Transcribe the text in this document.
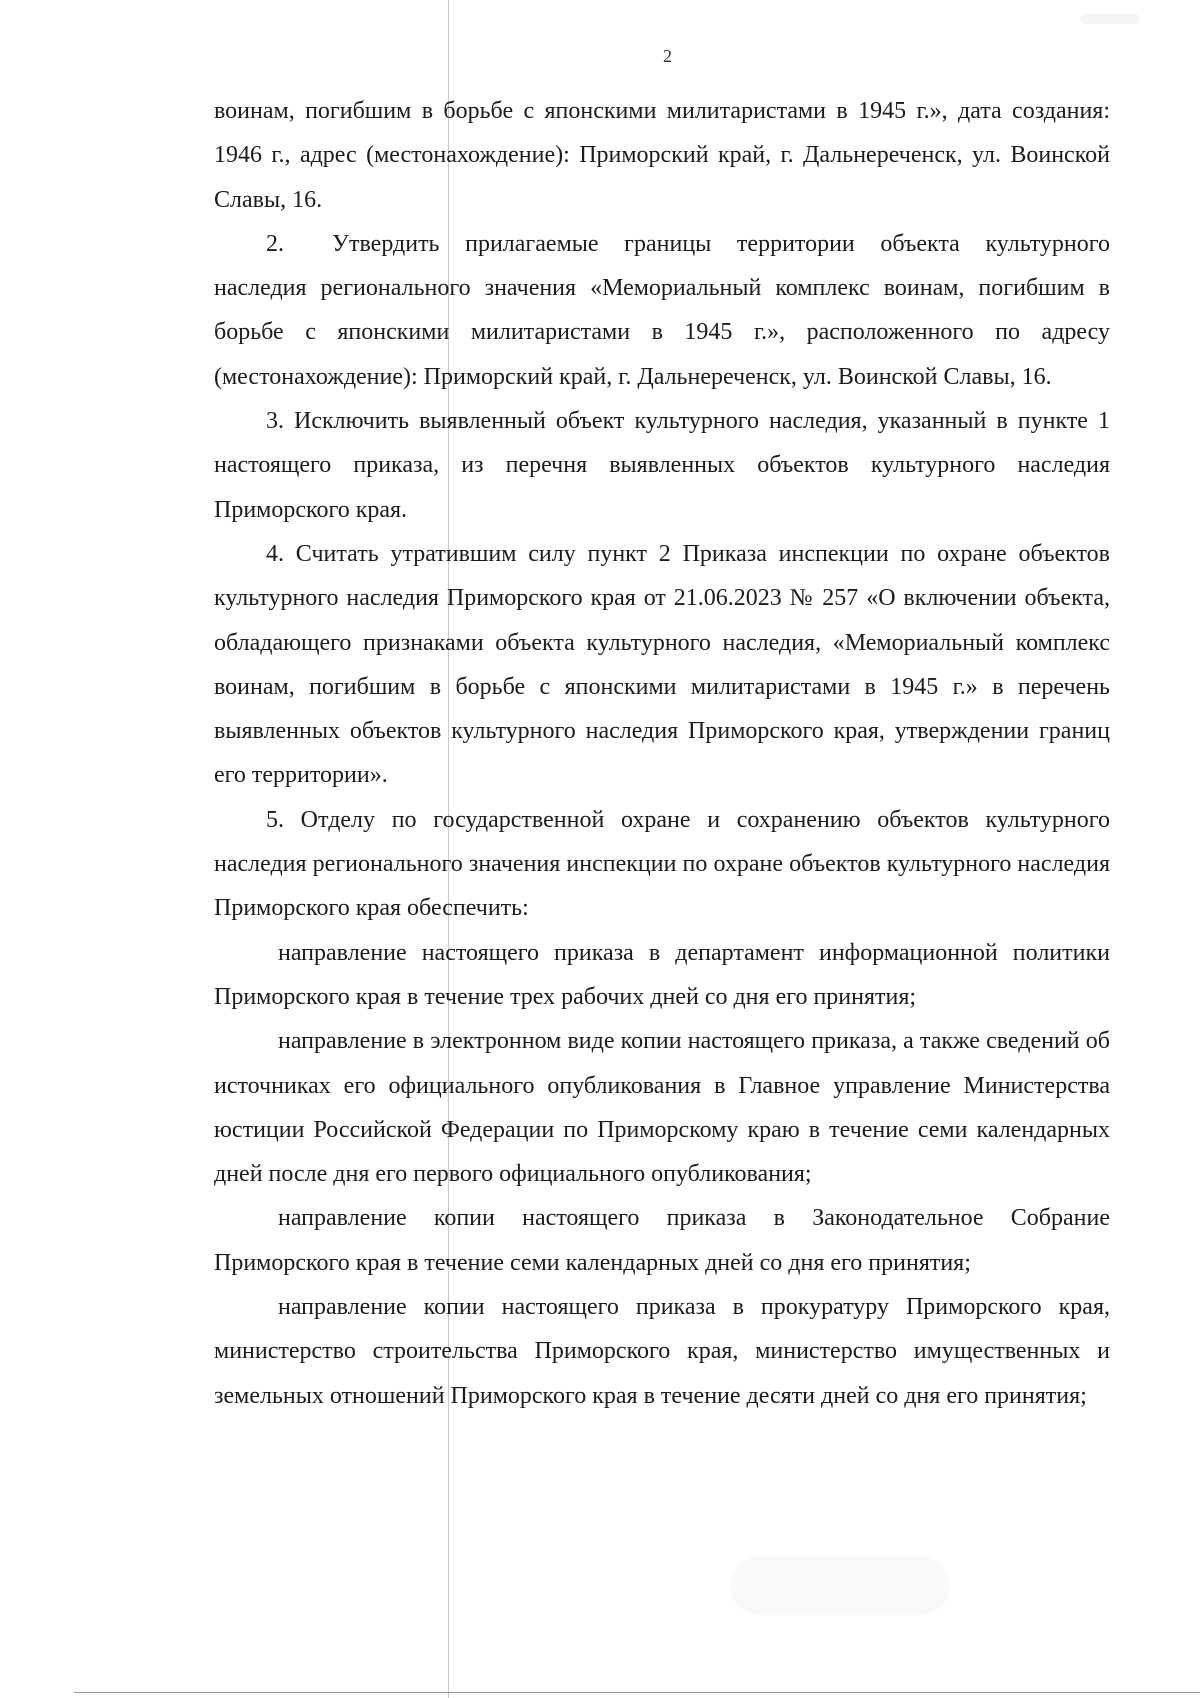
2

воинам, погибшим в борьбе с японскими милитаристами в 1945 г.», дата создания: 1946 г., адрес (местонахождение): Приморский край, г. Дальнереченск, ул. Воинской Славы, 16.

2.  Утвердить прилагаемые границы территории объекта культурного наследия регионального значения «Мемориальный комплекс воинам, погибшим в борьбе с японскими милитаристами в 1945 г.», расположенного по адресу (местонахождение): Приморский край, г. Дальнереченск, ул. Воинской Славы, 16.

3. Исключить выявленный объект культурного наследия, указанный в пункте 1 настоящего приказа, из перечня выявленных объектов культурного наследия Приморского края.

4. Считать утратившим силу пункт 2 Приказа инспекции по охране объектов культурного наследия Приморского края от 21.06.2023 № 257 «О включении объекта, обладающего признаками объекта культурного наследия, «Мемориальный комплекс воинам, погибшим в борьбе с японскими милитаристами в 1945 г.» в перечень выявленных объектов культурного наследия Приморского края, утверждении границ его территории».

5. Отделу по государственной охране и сохранению объектов культурного наследия регионального значения инспекции по охране объектов культурного наследия Приморского края обеспечить:

направление настоящего приказа в департамент информационной политики Приморского края в течение трех рабочих дней со дня его принятия;

направление в электронном виде копии настоящего приказа, а также сведений об источниках его официального опубликования в Главное управление Министерства юстиции Российской Федерации по Приморскому краю в течение семи календарных дней после дня его первого официального опубликования;

направление копии настоящего приказа в Законодательное Собрание Приморского края в течение семи календарных дней со дня его принятия;

направление копии настоящего приказа в прокуратуру Приморского края, министерство строительства Приморского края, министерство имущественных и земельных отношений Приморского края в течение десяти дней со дня его принятия;
